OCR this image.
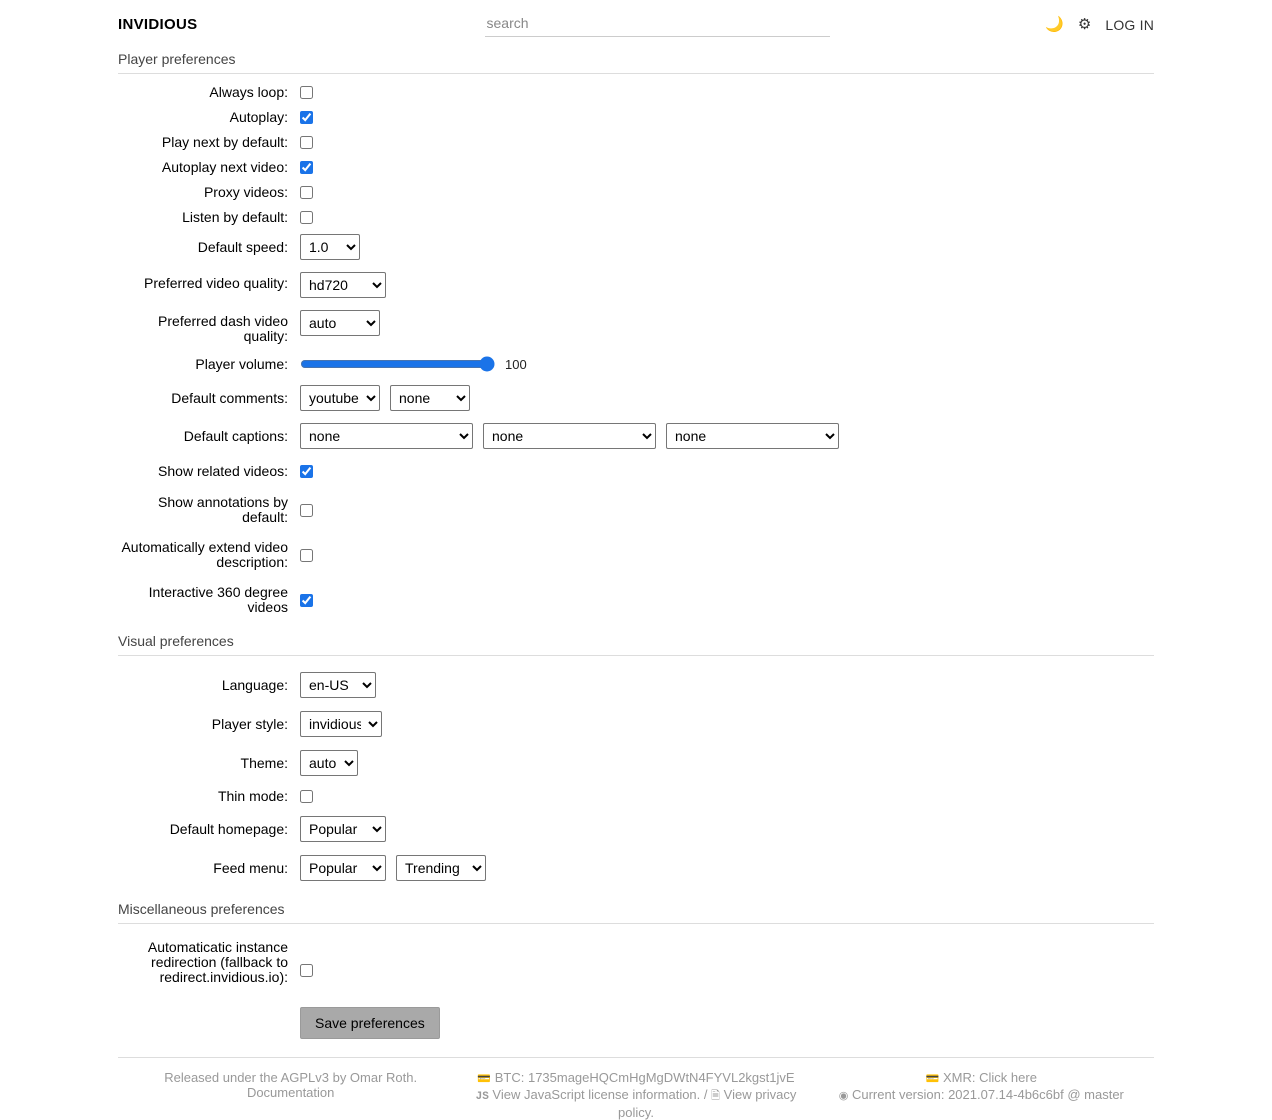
INVIDIOUS
search	🌙 ⚙ LOG IN
Player preferences
Always loop:
Autoplay:
Play next by default:
Autoplay next video:
Proxy videos:
Listen by default:
Default speed:
1.0
Preferred video quality:
hd720
Preferred dash video quality:
auto
Player volume:	100
Default comments:
youtube
none
Default captions:
none
none
none
Show related videos:
Show annotations by default:
Automatically extend video description:
Interactive 360 degree videos
Visual preferences
Language:
en-US
Player style:
invidious
Theme:
auto
Thin mode:
Default homepage:
Popular
Feed menu:
Popular
Trending
Miscellaneous preferences
Automaticatic instance redirection (fallback to redirect.invidious.io):
Save preferences
Released under the AGPLv3 by Omar Roth.
Documentation
💳 BTC: 1735mageHQCmHgMgDWtN4FYVL2kgst1jvE
JS View JavaScript license information. / 🗎 View privacy policy.
💳 XMR: Click here
◉ Current version: 2021.07.14-4b6c6bf @ master
